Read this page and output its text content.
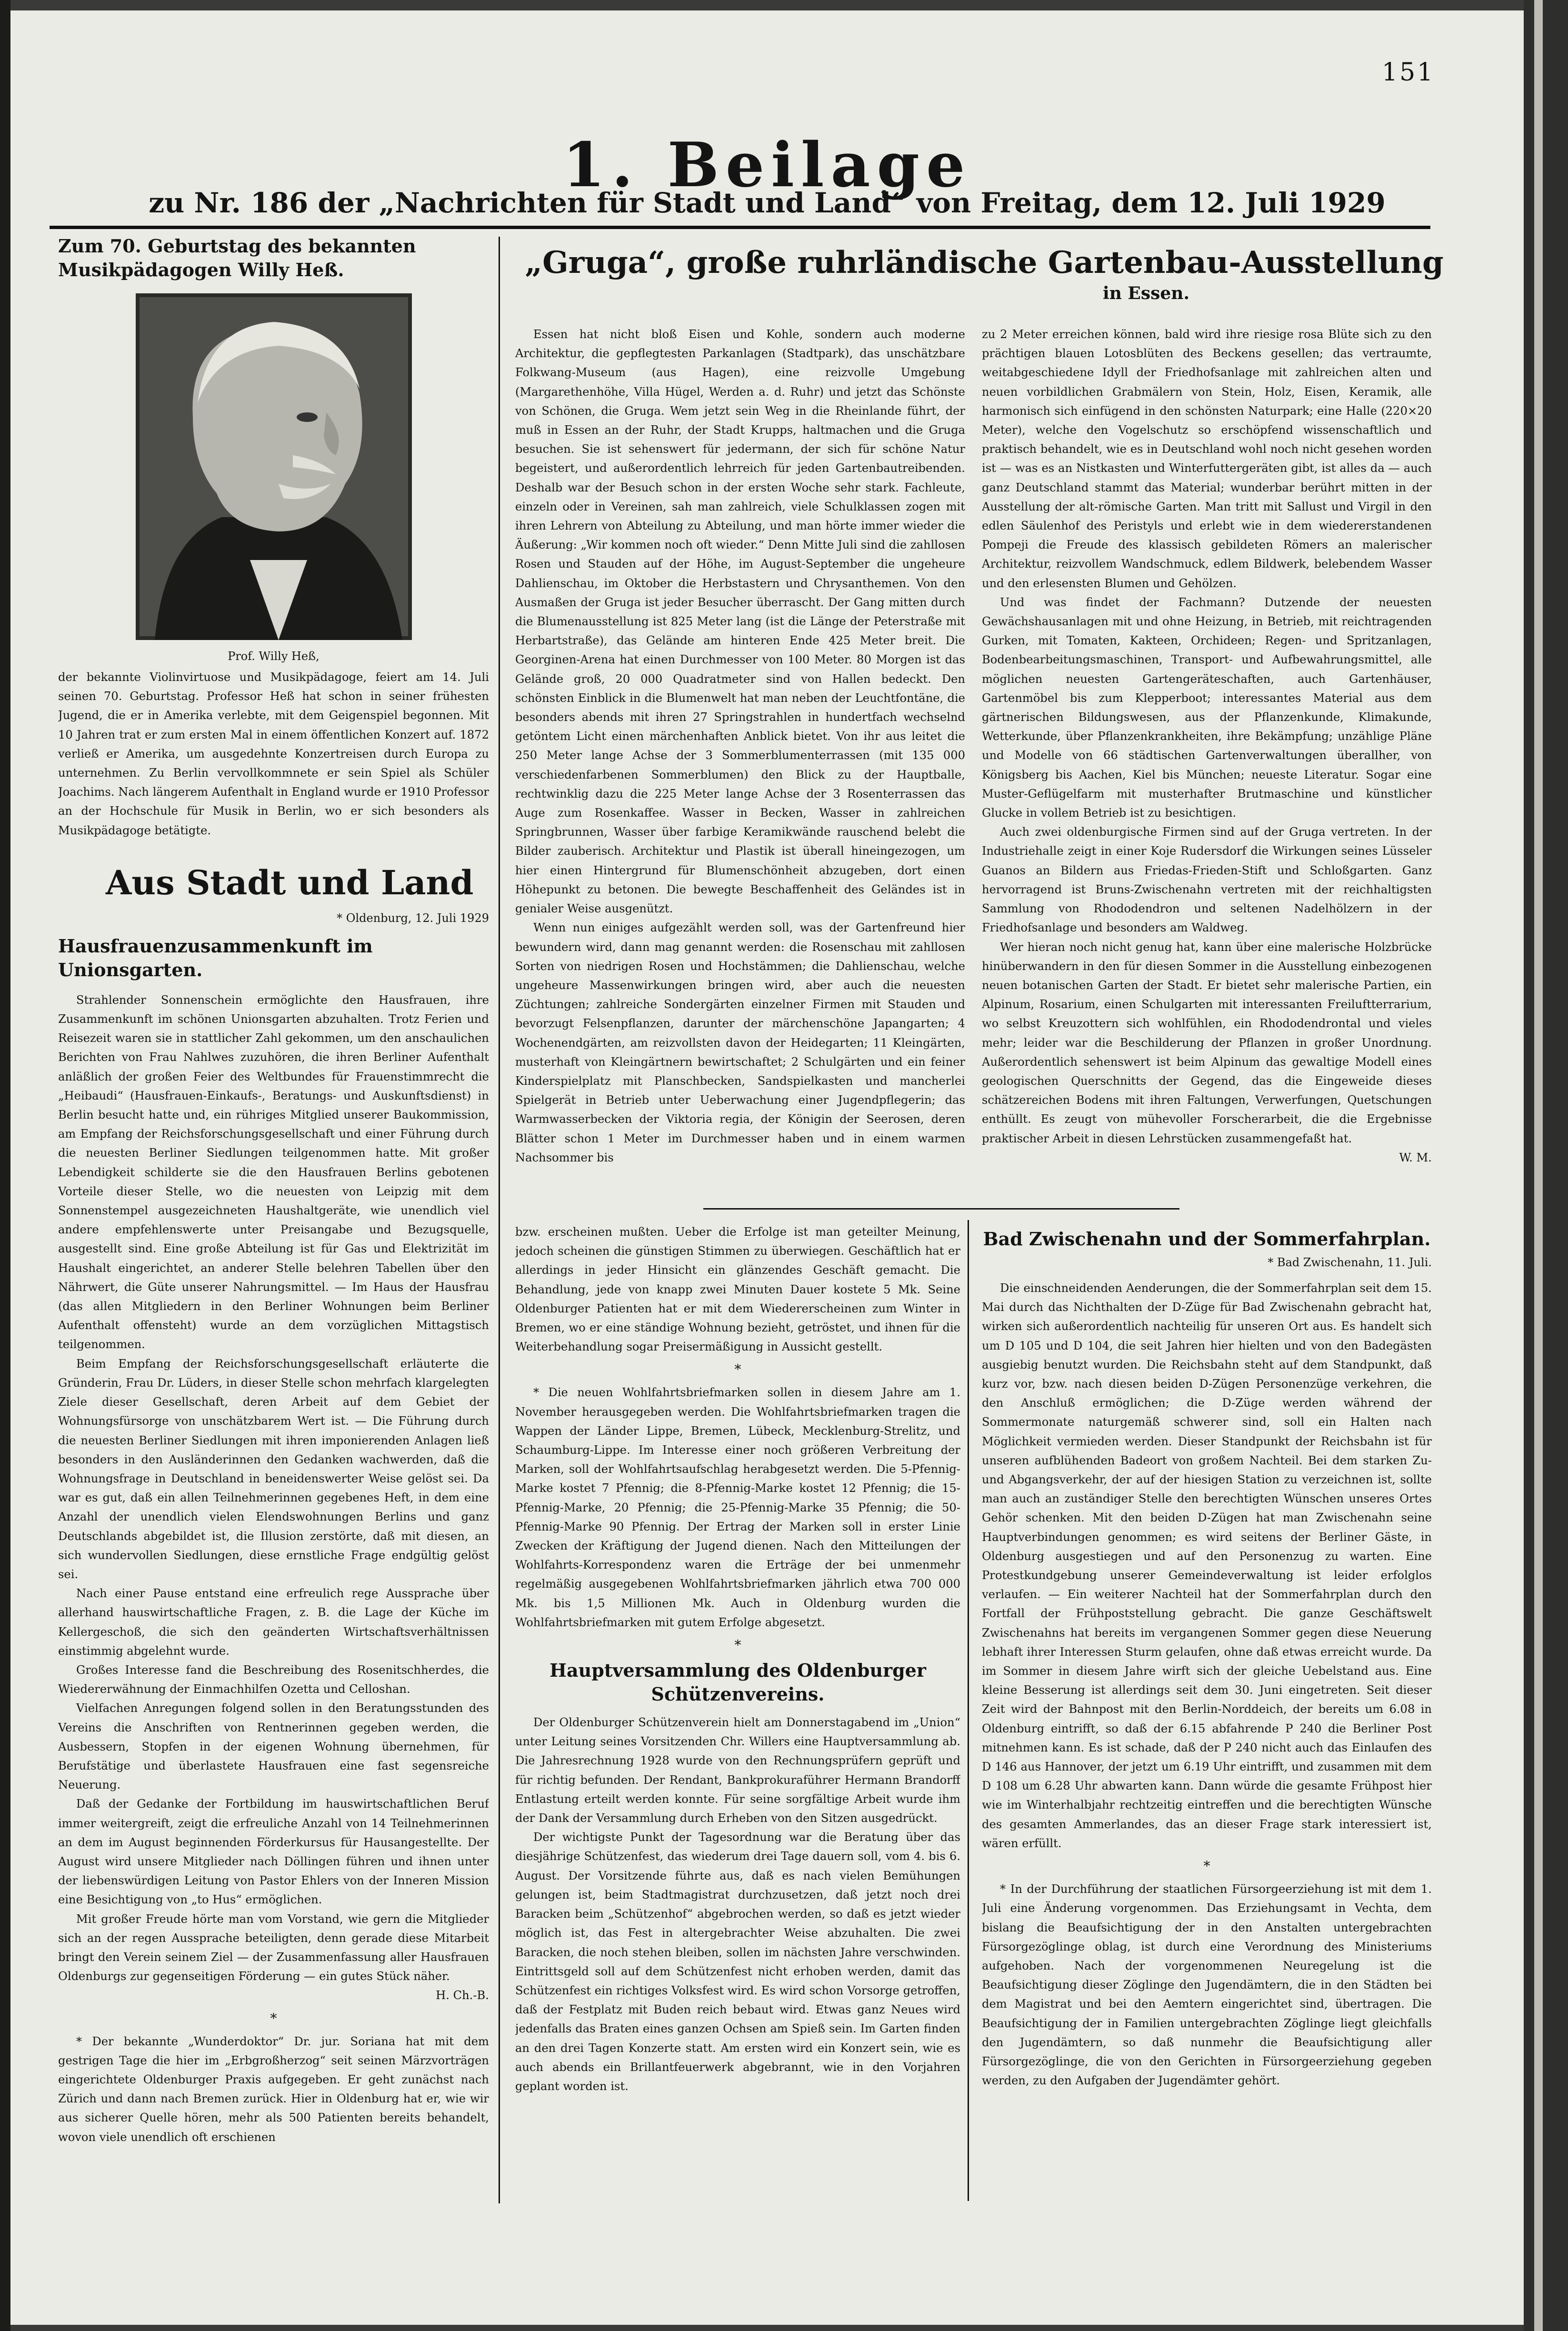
151
1. Beilage
zu Nr. 186 der „Nachrichten für Stadt und Land“ von Freitag, dem 12. Juli 1929
Zum 70. Geburtstag des bekannten Musikpädagogen Willy Heß.
Prof. Willy Heß,

der bekannte Violinvirtuose und Musikpädagoge, feiert am 14. Juli seinen 70. Geburtstag. Professor Heß hat schon in seiner frühesten Jugend, die er in Amerika verlebte, mit dem Geigenspiel begonnen. Mit 10 Jahren trat er zum ersten Mal in einem öffentlichen Konzert auf. 1872 verließ er Amerika, um ausgedehnte Konzertreisen durch Europa zu unternehmen. Zu Berlin vervollkommnete er sein Spiel als Schüler Joachims. Nach längerem Aufenthalt in England wurde er 1910 Professor an der Hochschule für Musik in Berlin, wo er sich besonders als Musikpädagoge betätigte.

Aus Stadt und Land
* Oldenburg, 12. Juli 1929
Hausfrauenzusammenkunft im Unionsgarten.

Strahlender Sonnenschein ermöglichte den Hausfrauen, ihre Zusammenkunft im schönen Unionsgarten abzuhalten. Trotz Ferien und Reisezeit waren sie in stattlicher Zahl gekommen, um den anschaulichen Berichten von Frau Nahlwes zuzuhören, die ihren Berliner Aufenthalt anläßlich der großen Feier des Weltbundes für Frauenstimmrecht die „Heibaudi“ (Hausfrauen-Einkaufs-, Beratungs- und Auskunftsdienst) in Berlin besucht hatte und, ein rühriges Mitglied unserer Baukommission, am Empfang der Reichsforschungsgesellschaft und einer Führung durch die neuesten Berliner Siedlungen teilgenommen hatte. Mit großer Lebendigkeit schilderte sie die den Hausfrauen Berlins gebotenen Vorteile dieser Stelle, wo die neuesten von Leipzig mit dem Sonnenstempel ausgezeichneten Haushaltgeräte, wie unendlich viel andere empfehlenswerte unter Preisangabe und Bezugsquelle, ausgestellt sind. Eine große Abteilung ist für Gas und Elektrizität im Haushalt eingerichtet, an anderer Stelle belehren Tabellen über den Nährwert, die Güte unserer Nahrungsmittel. — Im Haus der Hausfrau (das allen Mitgliedern in den Berliner Wohnungen beim Berliner Aufenthalt offensteht) wurde an dem vorzüglichen Mittagstisch teilgenommen.

Beim Empfang der Reichsforschungsgesellschaft erläuterte die Gründerin, Frau Dr. Lüders, in dieser Stelle schon mehrfach klargelegten Ziele dieser Gesellschaft, deren Arbeit auf dem Gebiet der Wohnungsfürsorge von unschätzbarem Wert ist. — Die Führung durch die neuesten Berliner Siedlungen mit ihren imponierenden Anlagen ließ besonders in den Ausländerinnen den Gedanken wachwerden, daß die Wohnungsfrage in Deutschland in beneidenswerter Weise gelöst sei. Da war es gut, daß ein allen Teilnehmerinnen gegebenes Heft, in dem eine Anzahl der unendlich vielen Elendswohnungen Berlins und ganz Deutschlands abgebildet ist, die Illusion zerstörte, daß mit diesen, an sich wundervollen Siedlungen, diese ernstliche Frage endgültig gelöst sei.

Nach einer Pause entstand eine erfreulich rege Aussprache über allerhand hauswirtschaftliche Fragen, z. B. die Lage der Küche im Kellergeschoß, die sich den geänderten Wirtschaftsverhältnissen einstimmig abgelehnt wurde.

Großes Interesse fand die Beschreibung des Rosenitschherdes, die Wiedererwähnung der Einmachhilfen Ozetta und Celloshan.

Vielfachen Anregungen folgend sollen in den Beratungsstunden des Vereins die Anschriften von Rentnerinnen gegeben werden, die Ausbessern, Stopfen in der eigenen Wohnung übernehmen, für Berufstätige und überlastete Hausfrauen eine fast segensreiche Neuerung.

Daß der Gedanke der Fortbildung im hauswirtschaftlichen Beruf immer weitergreift, zeigt die erfreuliche Anzahl von 14 Teilnehmerinnen an dem im August beginnenden Förderkursus für Hausangestellte. Der August wird unsere Mitglieder nach Döllingen führen und ihnen unter der liebenswürdigen Leitung von Pastor Ehlers von der Inneren Mission eine Besichtigung von „to Hus“ ermöglichen.

Mit großer Freude hörte man vom Vorstand, wie gern die Mitglieder sich an der regen Aussprache beteiligten, denn gerade diese Mitarbeit bringt den Verein seinem Ziel — der Zusammenfassung aller Hausfrauen Oldenburgs zur gegenseitigen Förderung — ein gutes Stück näher.

H. Ch.-B.
*

* Der bekannte „Wunderdoktor“ Dr. jur. Soriana hat mit dem gestrigen Tage die hier im „Erbgroßherzog“ seit seinen Märzvorträgen eingerichtete Oldenburger Praxis aufgegeben. Er geht zunächst nach Zürich und dann nach Bremen zurück. Hier in Oldenburg hat er, wie wir aus sicherer Quelle hören, mehr als 500 Patienten bereits behandelt, wovon viele unendlich oft erschienen

„Gruga“, große ruhrländische Gartenbau-Ausstellung
in Essen.

Essen hat nicht bloß Eisen und Kohle, sondern auch moderne Architektur, die gepflegtesten Parkanlagen (Stadtpark), das unschätzbare Folkwang-Museum (aus Hagen), eine reizvolle Umgebung (Margarethenhöhe, Villa Hügel, Werden a. d. Ruhr) und jetzt das Schönste von Schönen, die Gruga. Wem jetzt sein Weg in die Rheinlande führt, der muß in Essen an der Ruhr, der Stadt Krupps, haltmachen und die Gruga besuchen. Sie ist sehenswert für jedermann, der sich für schöne Natur begeistert, und außerordentlich lehrreich für jeden Gartenbautreibenden. Deshalb war der Besuch schon in der ersten Woche sehr stark. Fachleute, einzeln oder in Vereinen, sah man zahlreich, viele Schulklassen zogen mit ihren Lehrern von Abteilung zu Abteilung, und man hörte immer wieder die Äußerung: „Wir kommen noch oft wieder.“ Denn Mitte Juli sind die zahllosen Rosen und Stauden auf der Höhe, im August-September die ungeheure Dahlienschau, im Oktober die Herbstastern und Chrysanthemen. Von den Ausmaßen der Gruga ist jeder Besucher überrascht. Der Gang mitten durch die Blumenausstellung ist 825 Meter lang (ist die Länge der Peterstraße mit Herbartstraße), das Gelände am hinteren Ende 425 Meter breit. Die Georginen-Arena hat einen Durchmesser von 100 Meter. 80 Morgen ist das Gelände groß, 20 000 Quadratmeter sind von Hallen bedeckt. Den schönsten Einblick in die Blumenwelt hat man neben der Leuchtfontäne, die besonders abends mit ihren 27 Springstrahlen in hundertfach wechselnd getöntem Licht einen märchenhaften Anblick bietet. Von ihr aus leitet die 250 Meter lange Achse der 3 Sommerblumenterrassen (mit 135 000 verschiedenfarbenen Sommerblumen) den Blick zu der Hauptballe, rechtwinklig dazu die 225 Meter lange Achse der 3 Rosenterrassen das Auge zum Rosenkaffee. Wasser in Becken, Wasser in zahlreichen Springbrunnen, Wasser über farbige Keramikwände rauschend belebt die Bilder zauberisch. Architektur und Plastik ist überall hineingezogen, um hier einen Hintergrund für Blumenschönheit abzugeben, dort einen Höhepunkt zu betonen. Die bewegte Beschaffenheit des Geländes ist in genialer Weise ausgenützt.

Wenn nun einiges aufgezählt werden soll, was der Gartenfreund hier bewundern wird, dann mag genannt werden: die Rosenschau mit zahllosen Sorten von niedrigen Rosen und Hochstämmen; die Dahlienschau, welche ungeheure Massenwirkungen bringen wird, aber auch die neuesten Züchtungen; zahlreiche Sondergärten einzelner Firmen mit Stauden und bevorzugt Felsenpflanzen, darunter der märchenschöne Japangarten; 4 Wochenendgärten, am reizvollsten davon der Heidegarten; 11 Kleingärten, musterhaft von Kleingärtnern bewirtschaftet; 2 Schulgärten und ein feiner Kinderspielplatz mit Planschbecken, Sandspielkasten und mancherlei Spielgerät in Betrieb unter Ueberwachung einer Jugendpflegerin; das Warmwasserbecken der Viktoria regia, der Königin der Seerosen, deren Blätter schon 1 Meter im Durchmesser haben und in einem warmen Nachsommer bis

zu 2 Meter erreichen können, bald wird ihre riesige rosa Blüte sich zu den prächtigen blauen Lotosblüten des Beckens gesellen; das vertraumte, weitabgeschiedene Idyll der Friedhofsanlage mit zahlreichen alten und neuen vorbildlichen Grabmälern von Stein, Holz, Eisen, Keramik, alle harmonisch sich einfügend in den schönsten Naturpark; eine Halle (220×20 Meter), welche den Vogelschutz so erschöpfend wissenschaftlich und praktisch behandelt, wie es in Deutschland wohl noch nicht gesehen worden ist — was es an Nistkasten und Winterfuttergeräten gibt, ist alles da — auch ganz Deutschland stammt das Material; wunderbar berührt mitten in der Ausstellung der alt-römische Garten. Man tritt mit Sallust und Virgil in den edlen Säulenhof des Peristyls und erlebt wie in dem wiedererstandenen Pompeji die Freude des klassisch gebildeten Römers an malerischer Architektur, reizvollem Wandschmuck, edlem Bildwerk, belebendem Wasser und den erlesensten Blumen und Gehölzen.

Und was findet der Fachmann? Dutzende der neuesten Gewächshausanlagen mit und ohne Heizung, in Betrieb, mit reichtragenden Gurken, mit Tomaten, Kakteen, Orchideen; Regen- und Spritzanlagen, Bodenbearbeitungsmaschinen, Transport- und Aufbewahrungsmittel, alle möglichen neuesten Gartengeräteschaften, auch Gartenhäuser, Gartenmöbel bis zum Klepperboot; interessantes Material aus dem gärtnerischen Bildungswesen, aus der Pflanzenkunde, Klimakunde, Wetterkunde, über Pflanzenkrankheiten, ihre Bekämpfung; unzählige Pläne und Modelle von 66 städtischen Gartenverwaltungen überallher, von Königsberg bis Aachen, Kiel bis München; neueste Literatur. Sogar eine Muster-Geflügelfarm mit musterhafter Brutmaschine und künstlicher Glucke in vollem Betrieb ist zu besichtigen.

Auch zwei oldenburgische Firmen sind auf der Gruga vertreten. In der Industriehalle zeigt in einer Koje Rudersdorf die Wirkungen seines Lüsseler Guanos an Bildern aus Friedas-Frieden-Stift und Schloßgarten. Ganz hervorragend ist Bruns-Zwischenahn vertreten mit der reichhaltigsten Sammlung von Rhododendron und seltenen Nadelhölzern in der Friedhofsanlage und besonders am Waldweg.

Wer hieran noch nicht genug hat, kann über eine malerische Holzbrücke hinüberwandern in den für diesen Sommer in die Ausstellung einbezogenen neuen botanischen Garten der Stadt. Er bietet sehr malerische Partien, ein Alpinum, Rosarium, einen Schulgarten mit interessanten Freiluftterrarium, wo selbst Kreuzottern sich wohlfühlen, ein Rhododendrontal und vieles mehr; leider war die Beschilderung der Pflanzen in großer Unordnung. Außerordentlich sehenswert ist beim Alpinum das gewaltige Modell eines geologischen Querschnitts der Gegend, das die Eingeweide dieses schätzereichen Bodens mit ihren Faltungen, Verwerfungen, Quetschungen enthüllt. Es zeugt von mühevoller Forscherarbeit, die die Ergebnisse praktischer Arbeit in diesen Lehrstücken zusammengefaßt hat.

W. M.

bzw. erscheinen mußten. Ueber die Erfolge ist man geteilter Meinung, jedoch scheinen die günstigen Stimmen zu überwiegen. Geschäftlich hat er allerdings in jeder Hinsicht ein glänzendes Geschäft gemacht. Die Behandlung, jede von knapp zwei Minuten Dauer kostete 5 Mk. Seine Oldenburger Patienten hat er mit dem Wiedererscheinen zum Winter in Bremen, wo er eine ständige Wohnung bezieht, getröstet, und ihnen für die Weiterbehandlung sogar Preisermäßigung in Aussicht gestellt.

*

* Die neuen Wohlfahrtsbriefmarken sollen in diesem Jahre am 1. November herausgegeben werden. Die Wohlfahrtsbriefmarken tragen die Wappen der Länder Lippe, Bremen, Lübeck, Mecklenburg-Strelitz, und Schaumburg-Lippe. Im Interesse einer noch größeren Verbreitung der Marken, soll der Wohlfahrtsaufschlag herabgesetzt werden. Die 5-Pfennig-Marke kostet 7 Pfennig; die 8-Pfennig-Marke kostet 12 Pfennig; die 15-Pfennig-Marke, 20 Pfennig; die 25-Pfennig-Marke 35 Pfennig; die 50-Pfennig-Marke 90 Pfennig. Der Ertrag der Marken soll in erster Linie Zwecken der Kräftigung der Jugend dienen. Nach den Mitteilungen der Wohlfahrts-Korrespondenz waren die Erträge der bei unmenmehr regelmäßig ausgegebenen Wohlfahrtsbriefmarken jährlich etwa 700 000 Mk. bis 1,5 Millionen Mk. Auch in Oldenburg wurden die Wohlfahrtsbriefmarken mit gutem Erfolge abgesetzt.

*
Hauptversammlung des Oldenburger Schützenvereins.

Der Oldenburger Schützenverein hielt am Donnerstagabend im „Union“ unter Leitung seines Vorsitzenden Chr. Willers eine Hauptversammlung ab. Die Jahresrechnung 1928 wurde von den Rechnungsprüfern geprüft und für richtig befunden. Der Rendant, Bankprokuraführer Hermann Brandorff Entlastung erteilt werden konnte. Für seine sorgfältige Arbeit wurde ihm der Dank der Versammlung durch Erheben von den Sitzen ausgedrückt.

Der wichtigste Punkt der Tagesordnung war die Beratung über das diesjährige Schützenfest, das wiederum drei Tage dauern soll, vom 4. bis 6. August. Der Vorsitzende führte aus, daß es nach vielen Bemühungen gelungen ist, beim Stadtmagistrat durchzusetzen, daß jetzt noch drei Baracken beim „Schützenhof“ abgebrochen werden, so daß es jetzt wieder möglich ist, das Fest in altergebrachter Weise abzuhalten. Die zwei Baracken, die noch stehen bleiben, sollen im nächsten Jahre verschwinden. Eintrittsgeld soll auf dem Schützenfest nicht erhoben werden, damit das Schützenfest ein richtiges Volksfest wird. Es wird schon Vorsorge getroffen, daß der Festplatz mit Buden reich bebaut wird. Etwas ganz Neues wird jedenfalls das Braten eines ganzen Ochsen am Spieß sein. Im Garten finden an den drei Tagen Konzerte statt. Am ersten wird ein Konzert sein, wie es auch abends ein Brillantfeuerwerk abgebrannt, wie in den Vorjahren geplant worden ist.

Bad Zwischenahn und der Sommerfahrplan.
* Bad Zwischenahn, 11. Juli.

Die einschneidenden Aenderungen, die der Sommerfahrplan seit dem 15. Mai durch das Nichthalten der D-Züge für Bad Zwischenahn gebracht hat, wirken sich außerordentlich nachteilig für unseren Ort aus. Es handelt sich um D 105 und D 104, die seit Jahren hier hielten und von den Badegästen ausgiebig benutzt wurden. Die Reichsbahn steht auf dem Standpunkt, daß kurz vor, bzw. nach diesen beiden D-Zügen Personenzüge verkehren, die den Anschluß ermöglichen; die D-Züge werden während der Sommermonate naturgemäß schwerer sind, soll ein Halten nach Möglichkeit vermieden werden. Dieser Standpunkt der Reichsbahn ist für unseren aufblühenden Badeort von großem Nachteil. Bei dem starken Zu- und Abgangsverkehr, der auf der hiesigen Station zu verzeichnen ist, sollte man auch an zuständiger Stelle den berechtigten Wünschen unseres Ortes Gehör schenken. Mit den beiden D-Zügen hat man Zwischenahn seine Hauptverbindungen genommen; es wird seitens der Berliner Gäste, in Oldenburg ausgestiegen und auf den Personenzug zu warten. Eine Protestkundgebung unserer Gemeindeverwaltung ist leider erfolglos verlaufen. — Ein weiterer Nachteil hat der Sommerfahrplan durch den Fortfall der Frühpoststellung gebracht. Die ganze Geschäftswelt Zwischenahns hat bereits im vergangenen Sommer gegen diese Neuerung lebhaft ihrer Interessen Sturm gelaufen, ohne daß etwas erreicht wurde. Da im Sommer in diesem Jahre wirft sich der gleiche Uebelstand aus. Eine kleine Besserung ist allerdings seit dem 30. Juni eingetreten. Seit dieser Zeit wird der Bahnpost mit den Berlin-Norddeich, der bereits um 6.08 in Oldenburg eintrifft, so daß der 6.15 abfahrende P 240 die Berliner Post mitnehmen kann. Es ist schade, daß der P 240 nicht auch das Einlaufen des D 146 aus Hannover, der jetzt um 6.19 Uhr eintrifft, und zusammen mit dem D 108 um 6.28 Uhr abwarten kann. Dann würde die gesamte Frühpost hier wie im Winterhalbjahr rechtzeitig eintreffen und die berechtigten Wünsche des gesamten Ammerlandes, das an dieser Frage stark interessiert ist, wären erfüllt.

*

* In der Durchführung der staatlichen Fürsorgeerziehung ist mit dem 1. Juli eine Änderung vorgenommen. Das Erziehungsamt in Vechta, dem bislang die Beaufsichtigung der in den Anstalten untergebrachten Fürsorgezöglinge oblag, ist durch eine Verordnung des Ministeriums aufgehoben. Nach der vorgenommenen Neuregelung ist die Beaufsichtigung dieser Zöglinge den Jugendämtern, die in den Städten bei dem Magistrat und bei den Aemtern eingerichtet sind, übertragen. Die Beaufsichtigung der in Familien untergebrachten Zöglinge liegt gleichfalls den Jugendämtern, so daß nunmehr die Beaufsichtigung aller Fürsorgezöglinge, die von den Gerichten in Fürsorgeerziehung gegeben werden, zu den Aufgaben der Jugendämter gehört.
